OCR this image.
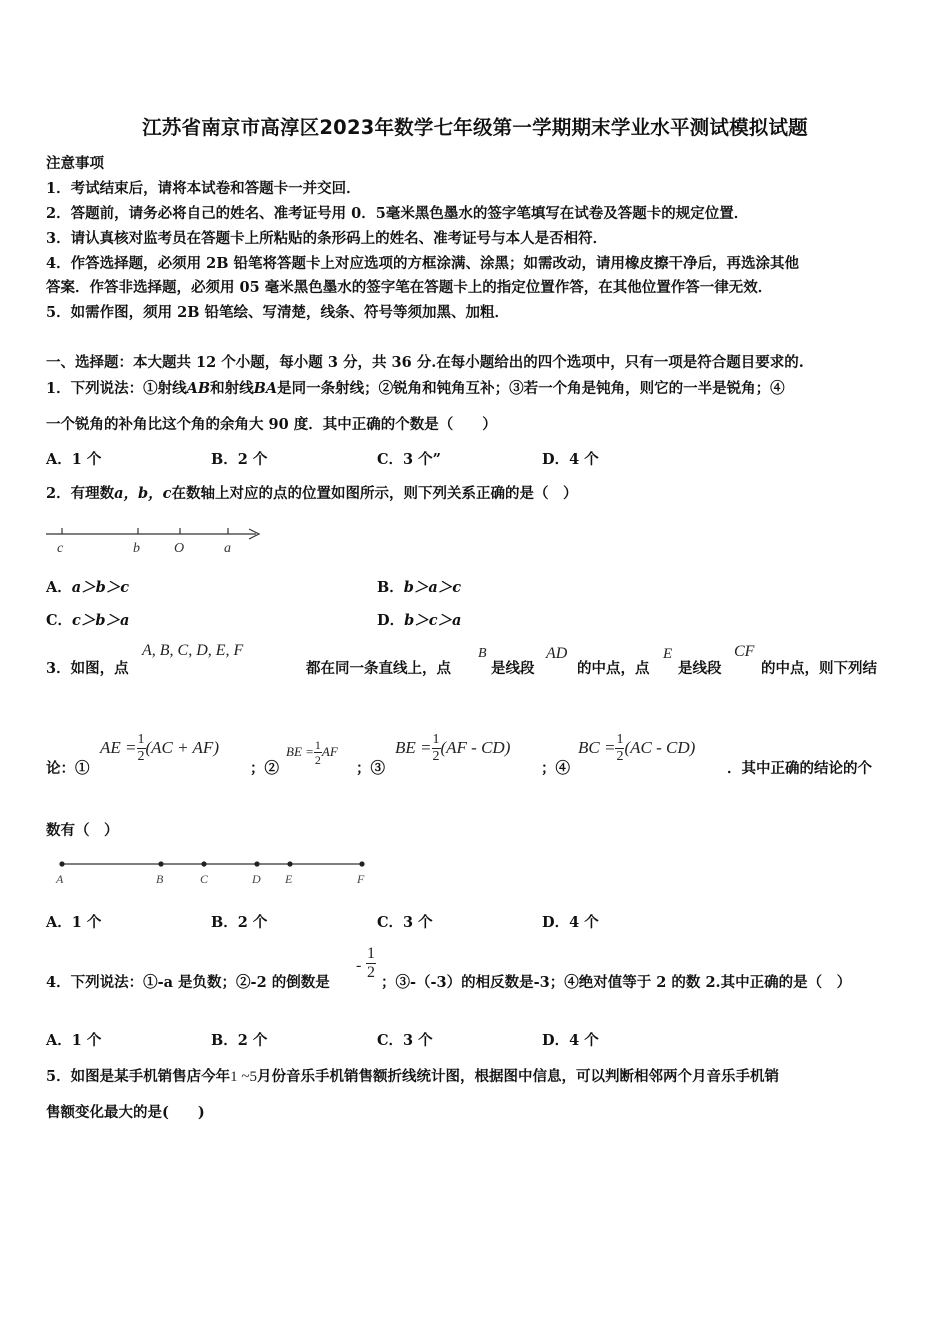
江苏省南京市高淳区2023年数学七年级第一学期期末学业水平测试模拟试题
注意事项
1．考试结束后，请将本试卷和答题卡一并交回．
2．答题前，请务必将自己的姓名、准考证号用 0．5毫米黑色墨水的签字笔填写在试卷及答题卡的规定位置．
3．请认真核对监考员在答题卡上所粘贴的条形码上的姓名、准考证号与本人是否相符．
4．作答选择题，必须用 2B 铅笔将答题卡上对应选项的方框涂满、涂黑；如需改动，请用橡皮擦干净后，再选涂其他
答案．作答非选择题，必须用 05 毫米黑色墨水的签字笔在答题卡上的指定位置作答，在其他位置作答一律无效．
5．如需作图，须用 2B 铅笔绘、写清楚，线条、符号等须加黑、加粗．
一、选择题：本大题共 12 个小题，每小题 3 分，共 36 分.在每小题给出的四个选项中，只有一项是符合题目要求的.
1．下列说法：①射线AB和射线BA是同一条射线；②锐角和钝角互补；③若一个角是钝角，则它的一半是锐角；④
一个锐角的补角比这个角的余角大 90 度．其中正确的个数是（　　）
A．1 个	B．2 个	C．3 个”	D．4 个
2．有理数a，b，c在数轴上对应的点的位置如图所示，则下列关系正确的是（　）
c	b O	a
A．a＞b＞c	B．b＞a＞c
C．c＞b＞a	D．b＞c＞a
3．如图，点
A, B, C, D, E, F
都在同一条直线上，点
B
是线段
AD
的中点，点
E
是线段
CF
的中点，则下列结
论：①
AE = $\frac{1}{2} (AC + AF)$
；②
BE = $\frac{1}{2}$ AF
；③
BE = $\frac{1}{2} (AF - CD)$
；④
BC = $\frac{1}{2} (AC - CD)$
．其中正确的结论的个
数有（　）
A	B	C	D E	F
A．1 个	B．2 个	C．3 个	D．4 个
4．下列说法：①-a 是负数；②-2 的倒数是
- $\frac{1}{2}$
；③-（-3）的相反数是-3；④绝对值等于 2 的数 2.其中正确的是（　）
A．1 个	B．2 个	C．3 个	D．4 个
5．如图是某手机销售店今年1 ~5月份音乐手机销售额折线统计图，根据图中信息，可以判断相邻两个月音乐手机销
售额变化最大的是(　　)
